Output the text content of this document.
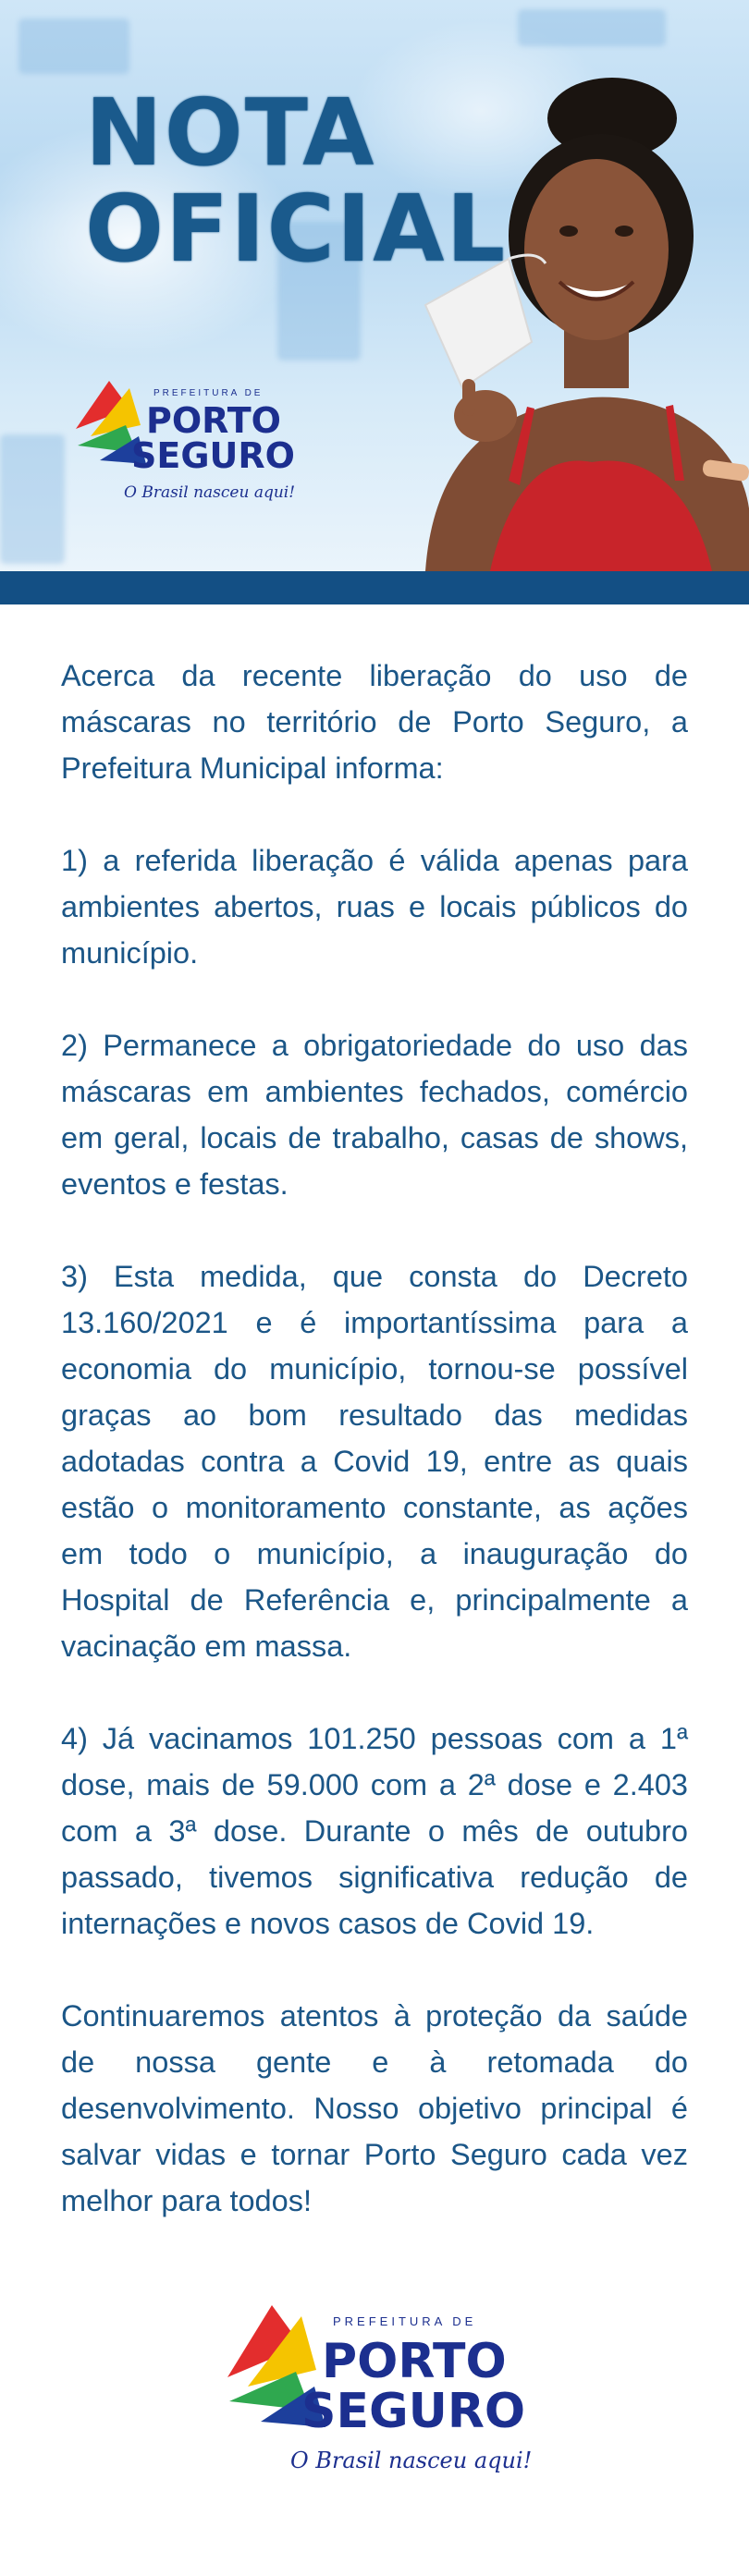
NOTA
OFICIAL
PREFEITURA DE
PORTO
SEGURO
O Brasil nasceu aqui!

Acerca da recente liberação do uso de máscaras no território de Porto Seguro, a Prefeitura Municipal informa:

1) a referida liberação é válida apenas para ambientes abertos, ruas e locais públicos do município.

2) Permanece a obrigatoriedade do uso das máscaras em ambientes fechados, comércio em geral, locais de trabalho, casas de shows, eventos e festas.

3) Esta medida, que consta do Decreto 13.160/2021 e é importantíssima para a economia do município, tornou-se possível graças ao bom resultado das medidas adotadas contra a Covid 19, entre as quais estão o monitoramento constante, as ações em todo o município, a inauguração do Hospital de Referência e, principalmente a vacinação em massa.

4) Já vacinamos 101.250 pessoas com a 1ª dose, mais de 59.000 com a 2ª dose e 2.403 com a 3ª dose. Durante o mês de outubro passado, tivemos significativa redução de internações e novos casos de Covid 19.

Continuaremos atentos à proteção da saúde de nossa gente e à retomada do desenvolvimento. Nosso objetivo principal é salvar vidas e tornar Porto Seguro cada vez melhor para todos!

PREFEITURA DE
PORTO
SEGURO
O Brasil nasceu aqui!
